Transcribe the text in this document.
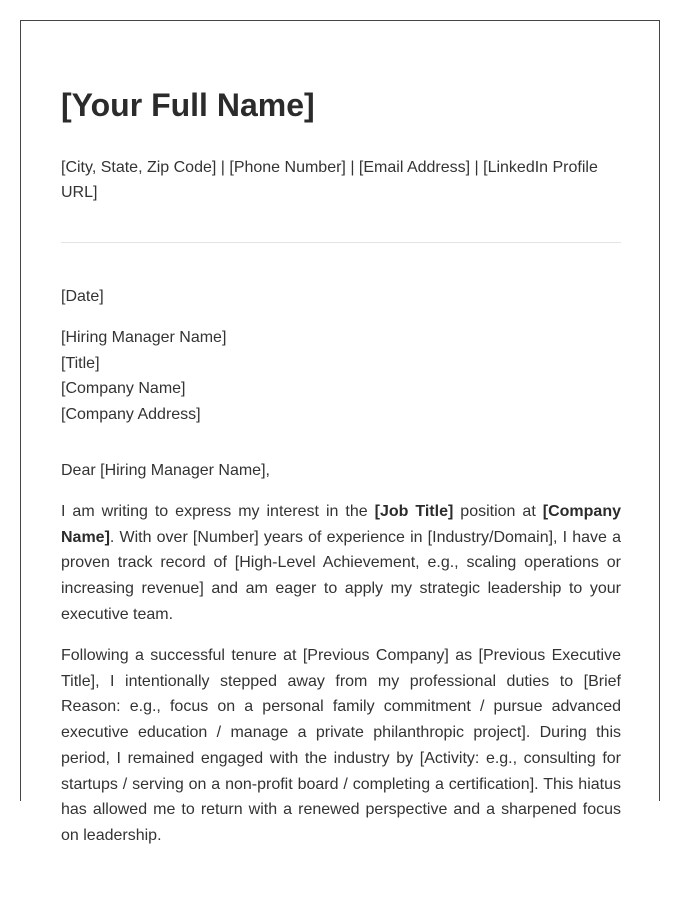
[Your Full Name]
[City, State, Zip Code] | [Phone Number] | [Email Address] | [LinkedIn Profile URL]
[Date]
[Hiring Manager Name]
[Title]
[Company Name]
[Company Address]
Dear [Hiring Manager Name],

I am writing to express my interest in the [Job Title] position at [Company Name]. With over [Number] years of experience in [Industry/Domain], I have a proven track record of [High-Level Achievement, e.g., scaling operations or increasing revenue] and am eager to apply my strategic leadership to your executive team.

Following a successful tenure at [Previous Company] as [Previous Executive Title], I intentionally stepped away from my professional duties to [Brief Reason: e.g., focus on a personal family commitment / pursue advanced executive education / manage a private philanthropic project]. During this period, I remained engaged with the industry by [Activity: e.g., consulting for startups / serving on a non-profit board / completing a certification]. This hiatus has allowed me to return with a renewed perspective and a sharpened focus on leadership.
